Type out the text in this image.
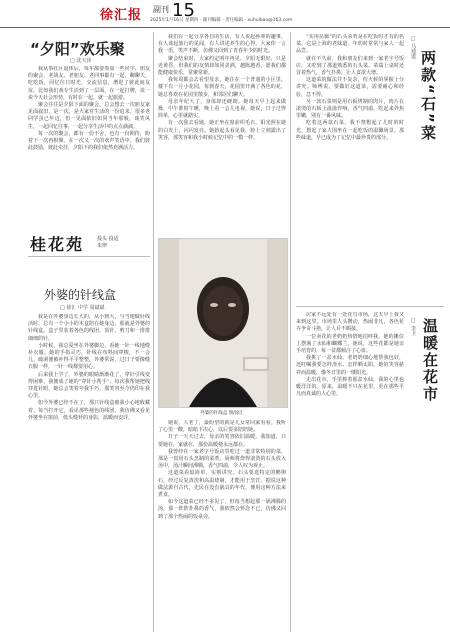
徐汇报 副刊 15
2025年1月16日 星期四 · 副刊编辑 · 责任编辑 · xuhuibao@163.com
“夕阳”欢乐聚
□ 沈天泽
我从事社区退休后，每年都要参加一些同学、朋友的聚会，老战友、老朋友、老同事都有一起，聊聊天，吃吃饭，回忆往日时光，交流信息，增进了彼此间友谊。比如我们戏专生活到了一层面，在一起打牌，说一说今天社会形势，有时在一起，就一起旅游。
聚会往往是夕阳下面的聚会，总会想去一次朋友家见面叙旧，是一次，是大家对生活的一份追求。很多老同学虽已年迈，但一见面依旧如同当年那般，谈笑风生，一起回忆往事，一起分享生活中的点点滴滴。
每一次的聚会，都有一份不舍，也有一份期待，盼着下一次再相聚。在一次又一次的欢声笑语中，我们彼此鼓励，彼此牵挂，夕阳下的我们依然充满活力。
我们在一起分享各自的生活，有人说起孙辈的趣事，有人谈起旅行的见闻，有人讲述养生的心得。大家你一言我一语，笑声不断，仿佛又回到了青春年少的时光。
聚会结束时，大家约定明年再见。夕阳无限好，只是近黄昏，但我们的友情却如同美酒，越陈越香。愿我们都能健康快乐，常聚常新。
我每周都会去看望母亲，她住在一个普通的小区里，楼下有一片小花园，每到春天，花园里开满了各色的花，她总喜欢在花园里散步，和邻居们聊天。
母亲年纪大了，身体却还硬朗。她每天早上起来做操，中午准时午睡，晚上看一会儿电视。她说，日子过得简单，心里就踏实。
有一次我去看她，她正坐在窗前织毛衣。阳光照在她的白发上，闪闪发亮。她抬起头看见我，脸上立刻露出了笑容，那笑容和我小时候记忆中的一模一样。
桂花苑	投头 投适
朱律
外婆的针线盒
□ 徐汇 中学 周斌斌
我是在外婆身边长大的，从小到大，与当地做针线活时，总有一个小小的木盒陪在她身边，那就是外婆的针线盒。盒子里装着各色的线团、顶针、剪刀和一排排细细的针。
小时候，我总爱坐在外婆脚边，看她一针一线地缝补衣服。她的手指灵巧，针线在布料间穿梭，不一会儿，破洞便被补得平平整整。外婆常说，过日子要像缝衣服一样，一针一线都要用心。
后来我上学了，外婆的眼睛渐渐花了，穿针引线变得困难，我便成了她的“穿针小帮手”。每次我帮她把线穿进针眼，她总会笑着夸我手巧，那笑容至今仍印在我心里。
如今外婆已经不在了，那只针线盒被我小心地收藏着。每当打开它，看见那些褪色的线团，我仿佛又看见外婆坐在窗前，低头缝补的身影，温暖而安详。
外婆的针线盒 图/徐汇
她说，人老了，最盼望的就是儿女常回家看看。我听了心里一酸，暗暗下决心，以后要多陪陪她。
日子一天天过去，母亲的笑容依旧温暖。我知道，只要她在，家就在，那份温暖便永远都在。
我曾经在一家老字号饭店里吃过一道非常特别的菜，那是一盘用石头烹制的菜肴。厨师将烧得滚烫的石头放入汤中，汤汁瞬间沸腾，香气四溢，令人叹为观止。
这道菜看似简单，实则讲究。石头要选特定的鹅卵石，经过反复清洗和高温烧制，才能用于烹饪。据说这种做法源自古代，先民在没有锅具的年代，便用这种方法来煮食。
如今这道菜已经不多见了，但每当想起那一锅沸腾的汤，那一阵阵扑鼻的香气，我依然会怀念不已，仿佛又回到了那个热闹的饭桌旁。
两款“石”菜
□ 马通道
“实用昆廊”的石头菜肴是在吃饭时才有的名菜，它是上海的老味道，年幼时常常与家人一起品尝。
就在不久前，我和朋友们来到一家老字号饭店，又吃到了那道熟悉的石头菜。菜端上桌时还冒着热气，香气扑鼻，让人食欲大增。
这道菜的做法并不复杂，但火候的掌握十分讲究。师傅说，要做好这道菜，需要耐心和经验，急不得。
另一款石菜则是用石板烤制的肉片，肉片在滚烫的石板上滋滋作响，香气四溢，吃起来外焦里嫩，别有一番风味。
吃着这两款石菜，我不禁想起了儿时的时光，想起了家人围坐在一起吃饭的温馨场景。那些味道，早已成为了记忆中最珍贵的部分。
温暖在花市
□ 李卫
居家不远处有一处花鸟市场，这天早上我又来到这里。市场里人头攒动，热闹非凡，各色花卉争奇斗艳，让人目不暇接。
一位卖花的老奶奶热情地招呼我，她的摊位上摆满了水仙和蝴蝶兰。她说，这些花都是她亲手培育的，每一盆都倾注了心血。
我挑了一盆水仙，老奶奶细心地帮我包好，还叮嘱我要怎样浇水、怎样晒太阳。她的笑容慈祥而温暖，像冬日里的一缕阳光。
走出花市，手里捧着那盆水仙，我的心里也暖洋洋的。原来，温暖不只在花里，更在那些平凡而真诚的人心里。
